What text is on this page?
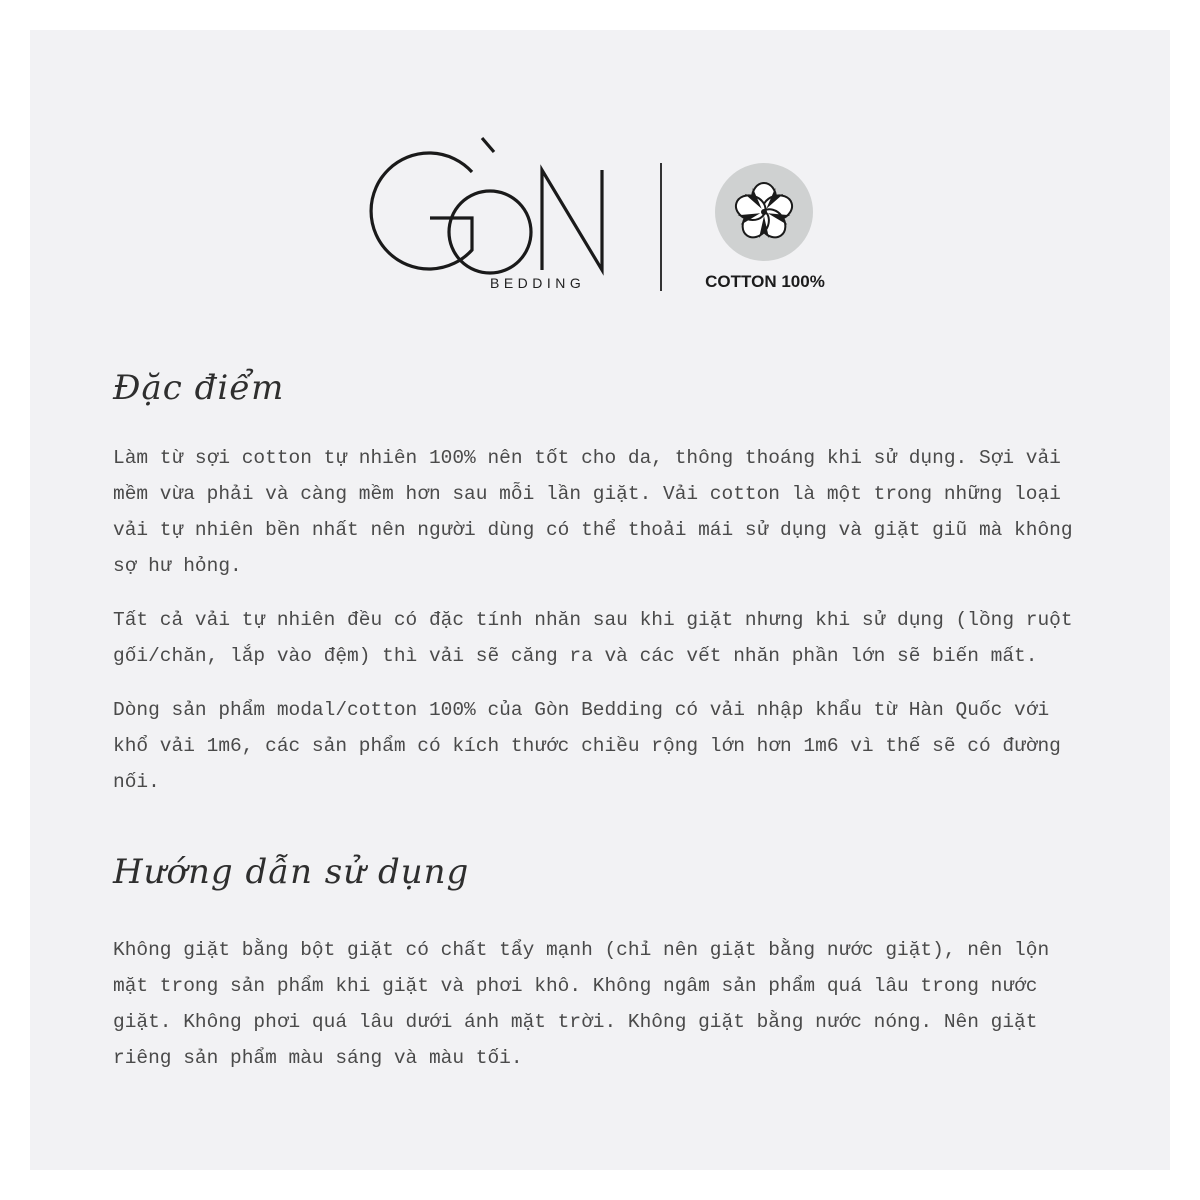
BEDDING	COTTON 100%
Đặc điểm

Làm từ sợi cotton tự nhiên 100% nên tốt cho da, thông thoáng khi sử dụng. Sợi vải mềm vừa phải và càng mềm hơn sau mỗi lần giặt. Vải cotton là một trong những loại vải tự nhiên bền nhất nên người dùng có thể thoải mái sử dụng và giặt giũ mà không sợ hư hỏng.

Tất cả vải tự nhiên đều có đặc tính nhăn sau khi giặt nhưng khi sử dụng (lồng ruột gối/chăn, lắp vào đệm) thì vải sẽ căng ra và các vết nhăn phần lớn sẽ biến mất.

Dòng sản phẩm modal/cotton 100% của Gòn Bedding có vải nhập khẩu từ Hàn Quốc với khổ vải 1m6, các sản phẩm có kích thước chiều rộng lớn hơn 1m6 vì thế sẽ có đường nối.

Hướng dẫn sử dụng

Không giặt bằng bột giặt có chất tẩy mạnh (chỉ nên giặt bằng nước giặt), nên lộn mặt trong sản phẩm khi giặt và phơi khô. Không ngâm sản phẩm quá lâu trong nước giặt. Không phơi quá lâu dưới ánh mặt trời. Không giặt bằng nước nóng. Nên giặt riêng sản phẩm màu sáng và màu tối.
